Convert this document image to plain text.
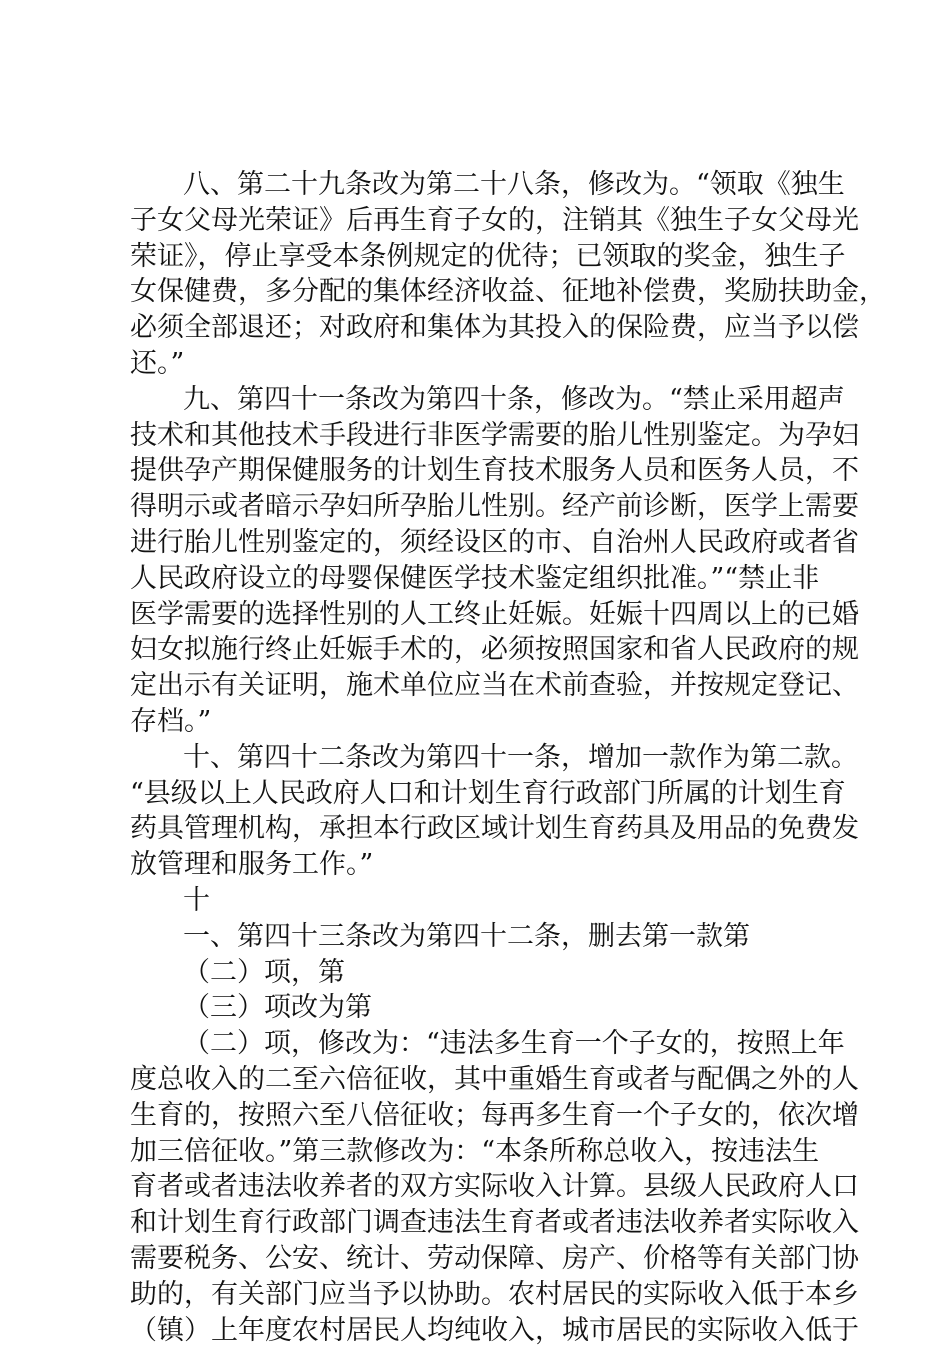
八、第二十九条改为第二十八条，修改为。“领取《独生
子女父母光荣证》后再生育子女的，注销其《独生子女父母光
荣证》，停止享受本条例规定的优待；已领取的奖金，独生子
女保健费，多分配的集体经济收益、征地补偿费，奖励扶助金，
必须全部退还；对政府和集体为其投入的保险费，应当予以偿
还。”
九、第四十一条改为第四十条，修改为。“禁止采用超声
技术和其他技术手段进行非医学需要的胎儿性别鉴定。为孕妇
提供孕产期保健服务的计划生育技术服务人员和医务人员，不
得明示或者暗示孕妇所孕胎儿性别。经产前诊断，医学上需要
进行胎儿性别鉴定的，须经设区的市、自治州人民政府或者省
人民政府设立的母婴保健医学技术鉴定组织批准。”“禁止非
医学需要的选择性别的人工终止妊娠。妊娠十四周以上的已婚
妇女拟施行终止妊娠手术的，必须按照国家和省人民政府的规
定出示有关证明，施术单位应当在术前查验，并按规定登记、
存档。”
十、第四十二条改为第四十一条，增加一款作为第二款。
“县级以上人民政府人口和计划生育行政部门所属的计划生育
药具管理机构，承担本行政区域计划生育药具及用品的免费发
放管理和服务工作。”
十
一、第四十三条改为第四十二条，删去第一款第
（二）项，第
（三）项改为第
（二）项，修改为：“违法多生育一个子女的，按照上年
度总收入的二至六倍征收，其中重婚生育或者与配偶之外的人
生育的，按照六至八倍征收；每再多生育一个子女的，依次增
加三倍征收。”第三款修改为：“本条所称总收入，按违法生
育者或者违法收养者的双方实际收入计算。县级人民政府人口
和计划生育行政部门调查违法生育者或者违法收养者实际收入
需要税务、公安、统计、劳动保障、房产、价格等有关部门协
助的，有关部门应当予以协助。农村居民的实际收入低于本乡
（镇）上年度农村居民人均纯收入，城市居民的实际收入低于
